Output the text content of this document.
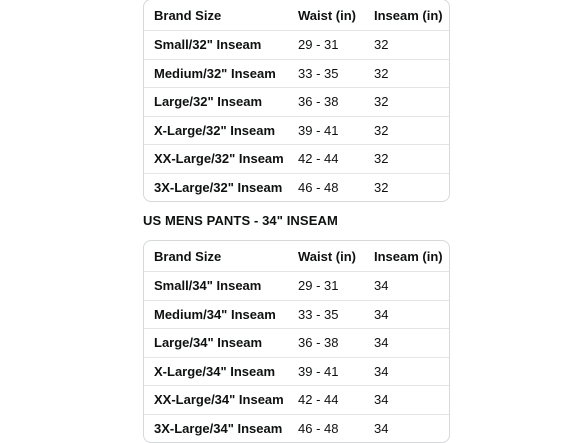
Brand Size	Waist (in)	Inseam (in)
Small/32" Inseam	29 - 31	32
Medium/32" Inseam	33 - 35	32
Large/32" Inseam	36 - 38	32
X-Large/32" Inseam	39 - 41	32
XX-Large/32" Inseam	42 - 44	32
3X-Large/32" Inseam	46 - 48	32
US MENS PANTS - 34" INSEAM
Brand Size	Waist (in)	Inseam (in)
Small/34" Inseam	29 - 31	34
Medium/34" Inseam	33 - 35	34
Large/34" Inseam	36 - 38	34
X-Large/34" Inseam	39 - 41	34
XX-Large/34" Inseam	42 - 44	34
3X-Large/34" Inseam	46 - 48	34
